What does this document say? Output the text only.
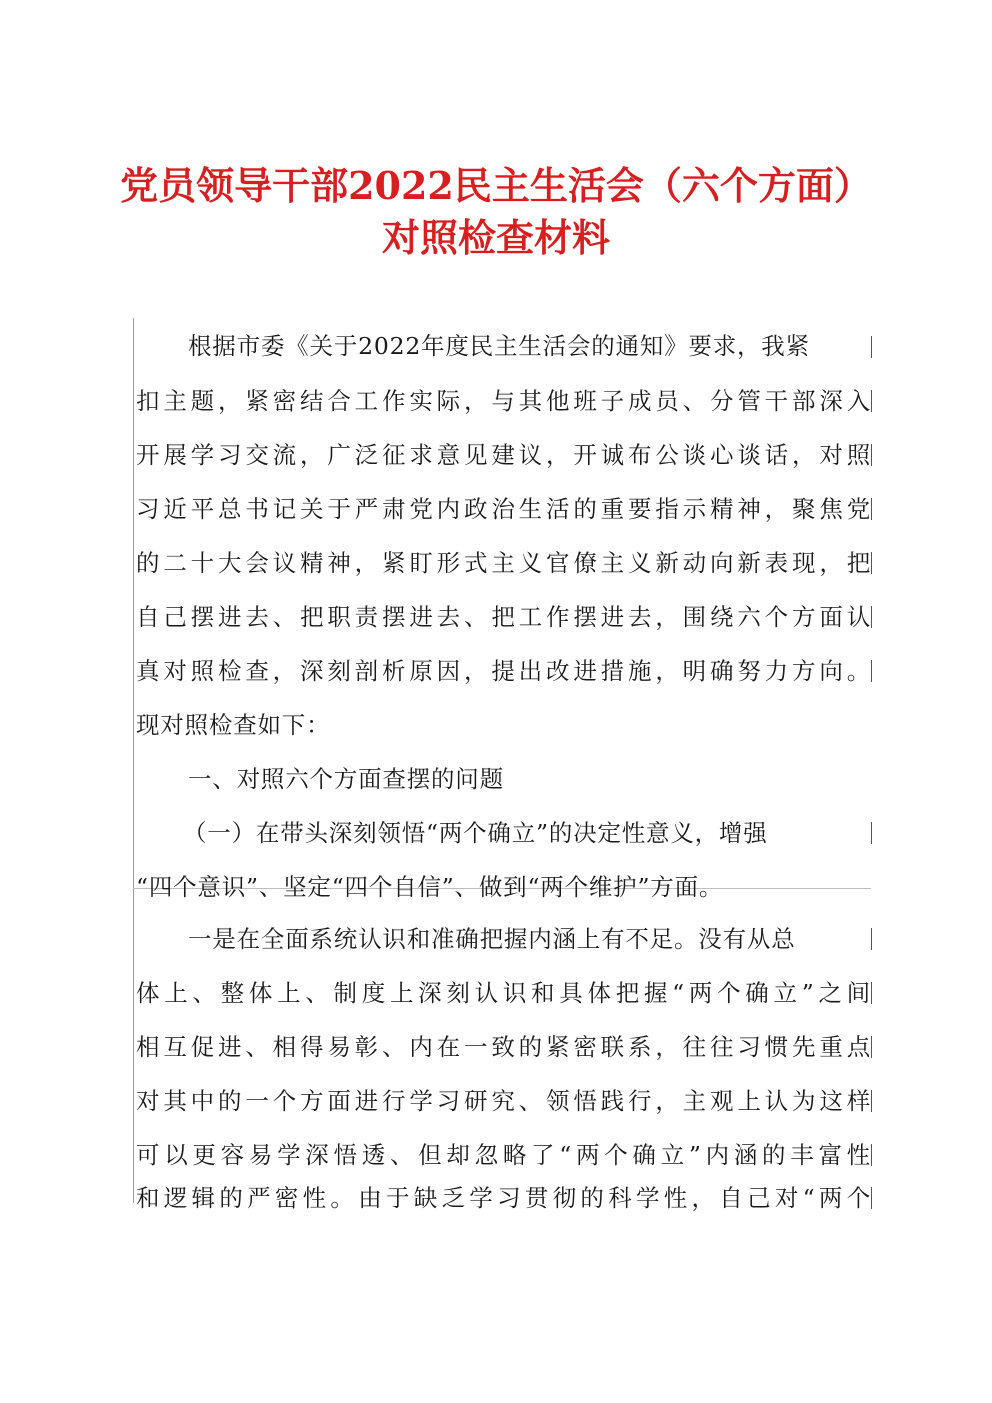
党员领导干部2022民主生活会（六个方面）
对照检查材料
根据市委《关于2022年度民主生活会的通知》要求，我紧
扣主题，紧密结合工作实际，与其他班子成员、分管干部深入
开展学习交流，广泛征求意见建议，开诚布公谈心谈话，对照
习近平总书记关于严肃党内政治生活的重要指示精神，聚焦党
的二十大会议精神，紧盯形式主义官僚主义新动向新表现，把
自己摆进去、把职责摆进去、把工作摆进去，围绕六个方面认
真对照检查，深刻剖析原因，提出改进措施，明确努力方向。
现对照检查如下：
一、对照六个方面查摆的问题
（一）在带头深刻领悟“两个确立”的决定性意义，增强
“四个意识”、坚定“四个自信”、做到“两个维护”方面。
一是在全面系统认识和准确把握内涵上有不足。没有从总
体上、整体上、制度上深刻认识和具体把握“两个确立”之间
相互促进、相得易彰、内在一致的紧密联系，往往习惯先重点
对其中的一个方面进行学习研究、领悟践行，主观上认为这样
可以更容易学深悟透、但却忽略了“两个确立”内涵的丰富性
和逻辑的严密性。由于缺乏学习贯彻的科学性，自己对“两个
